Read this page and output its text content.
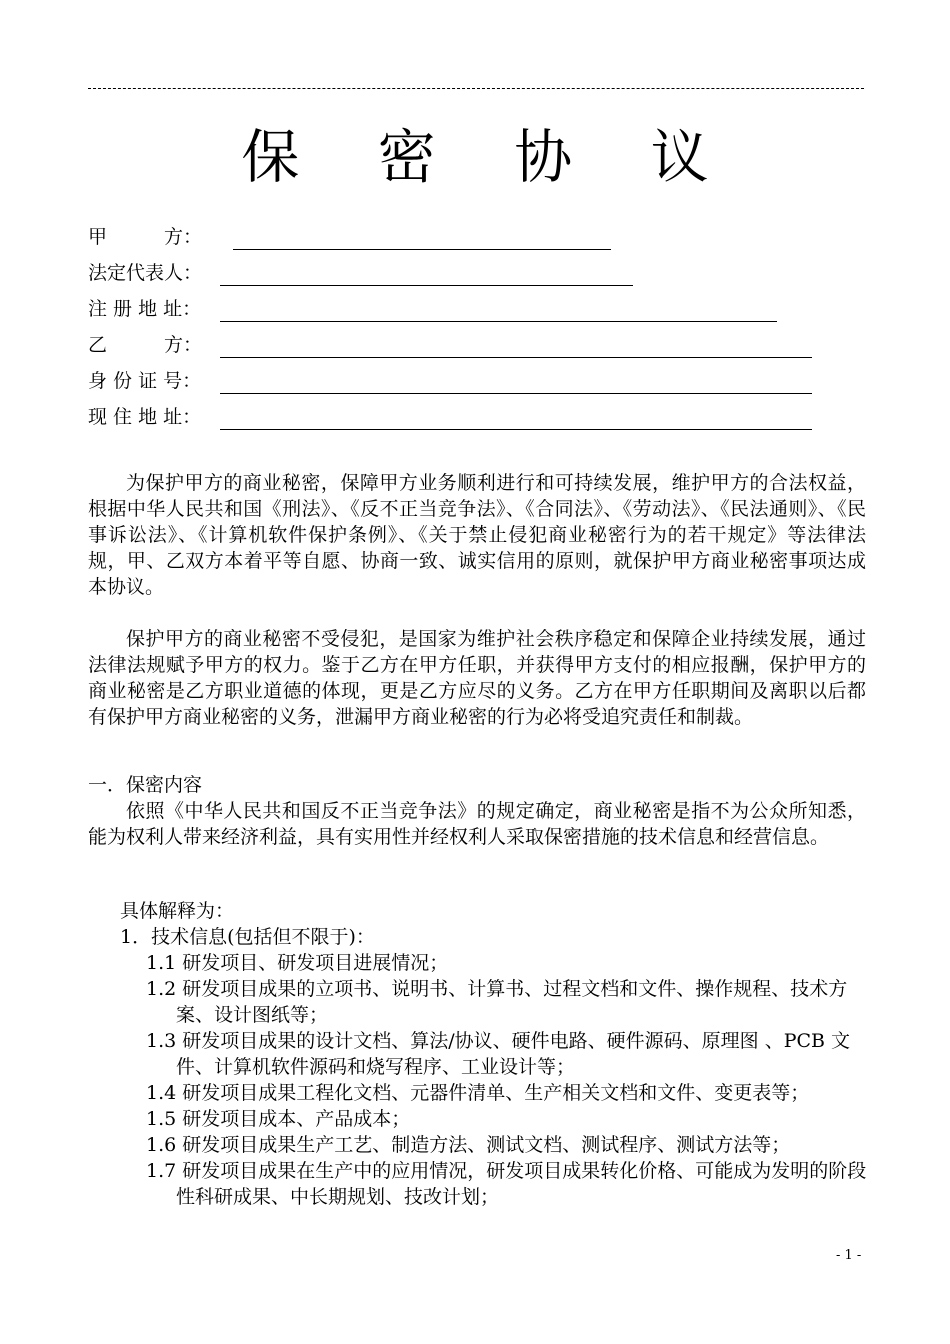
保 密 协 议
甲　　　方：
法定代表人：
注 册 地 址：
乙　　　方：
身 份 证 号：
现 住 地 址：

为保护甲方的商业秘密，保障甲方业务顺利进行和可持续发展，维护甲方的合法权益，根据中华人民共和国《刑法》、《反不正当竞争法》、《合同法》、《劳动法》、《民法通则》、《民事诉讼法》、《计算机软件保护条例》、《关于禁止侵犯商业秘密行为的若干规定》等法律法规，甲、乙双方本着平等自愿、协商一致、诚实信用的原则，就保护甲方商业秘密事项达成本协议。

保护甲方的商业秘密不受侵犯，是国家为维护社会秩序稳定和保障企业持续发展，通过法律法规赋予甲方的权力。鉴于乙方在甲方任职，并获得甲方支付的相应报酬，保护甲方的商业秘密是乙方职业道德的体现，更是乙方应尽的义务。乙方在甲方任职期间及离职以后都有保护甲方商业秘密的义务，泄漏甲方商业秘密的行为必将受追究责任和制裁。

一．保密内容

依照《中华人民共和国反不正当竞争法》的规定确定，商业秘密是指不为公众所知悉，能为权利人带来经济利益，具有实用性并经权利人采取保密措施的技术信息和经营信息。

具体解释为：

1．技术信息(包括但不限于)：

1.1 研发项目、研发项目进展情况；

1.2 研发项目成果的立项书、说明书、计算书、过程文档和文件、操作规程、技术方案、设计图纸等；

1.3 研发项目成果的设计文档、算法/协议、硬件电路、硬件源码、原理图 、PCB 文件、计算机软件源码和烧写程序、工业设计等；

1.4 研发项目成果工程化文档、元器件清单、生产相关文档和文件、变更表等；

1.5 研发项目成本、产品成本；

1.6 研发项目成果生产工艺、制造方法、测试文档、测试程序、测试方法等；

1.7 研发项目成果在生产中的应用情况，研发项目成果转化价格、可能成为发明的阶段性科研成果、中长期规划、技改计划；

- 1 -
